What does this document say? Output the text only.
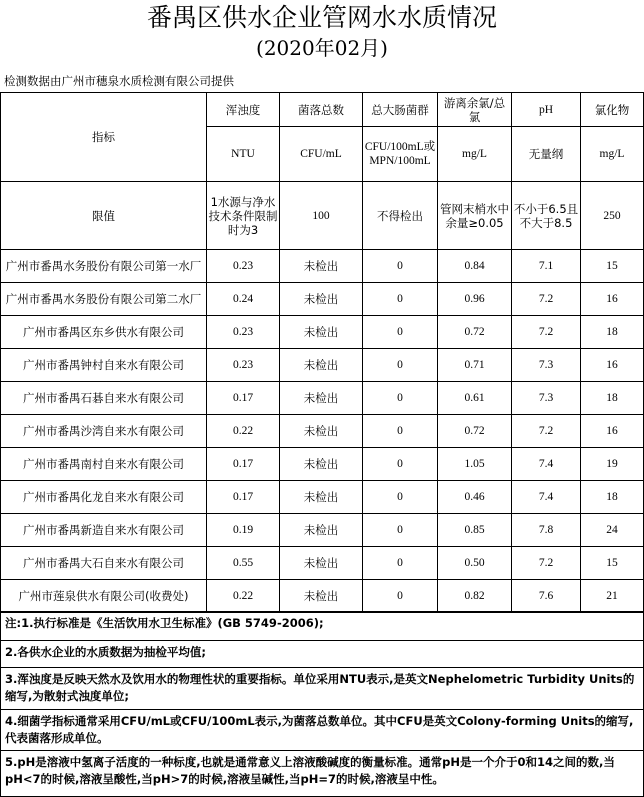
番禺区供水企业管网水水质情况
(2020年02月)
检测数据由广州市穗泉水质检测有限公司提供
指标	浑浊度	菌落总数	总大肠菌群	游离余氯/总氯	pH	氯化物
	NTU	CFU/mL	CFU/100mL或MPN/100mL	mg/L	无量纲	mg/L
限值	1水源与净水技术条件限制时为3	100	不得检出	管网末梢水中 余量≥0.05	不小于6.5且不大于8.5	250
广州市番禺水务股份有限公司第一水厂	0.23	未检出	0	0.84	7.1	15
广州市番禺水务股份有限公司第二水厂	0.24	未检出	0	0.96	7.2	16
广州市番禺区东乡供水有限公司	0.23	未检出	0	0.72	7.2	18
广州市番禺钟村自来水有限公司	0.23	未检出	0	0.71	7.3	16
广州市番禺石碁自来水有限公司	0.17	未检出	0	0.61	7.3	18
广州市番禺沙湾自来水有限公司	0.22	未检出	0	0.72	7.2	16
广州市番禺南村自来水有限公司	0.17	未检出	0	1.05	7.4	19
广州市番禺化龙自来水有限公司	0.17	未检出	0	0.46	7.4	18
广州市番禺新造自来水有限公司	0.19	未检出	0	0.85	7.8	24
广州市番禺大石自来水有限公司	0.55	未检出	0	0.50	7.2	15
广州市莲泉供水有限公司(收费处)	0.22	未检出	0	0.82	7.6	21
注:1.执行标准是《生活饮用水卫生标准》(GB 5749-2006);
2.各供水企业的水质数据为抽检平均值;
3.浑浊度是反映天然水及饮用水的物理性状的重要指标。单位采用NTU表示,是英文Nephelometric Turbidity Units的缩写,为散射式浊度单位;
4.细菌学指标通常采用CFU/mL或CFU/100mL表示,为菌落总数单位。其中CFU是英文Colony-forming Units的缩写,代表菌落形成单位。
5.pH是溶液中氢离子活度的一种标度,也就是通常意义上溶液酸碱度的衡量标准。通常pH是一个介于0和14之间的数,当pH<7的时候,溶液呈酸性,当pH>7的时候,溶液呈碱性,当pH=7的时候,溶液呈中性。
